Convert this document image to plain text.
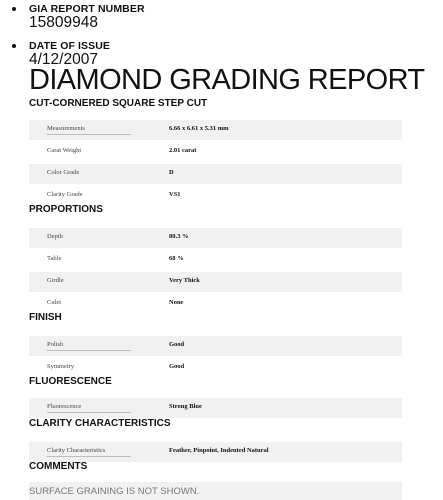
GIA REPORT NUMBER
15809948
DATE OF ISSUE
4/12/2007
DIAMOND GRADING REPORT
CUT-CORNERED SQUARE STEP CUT
Measurements	6.66 x 6.61 x 5.31 mm
Carat Weight	2.01 carat
Color Grade	D
Clarity Grade	VS1
PROPORTIONS
Depth	80.3 %
Table	68 %
Girdle	Very Thick
Culet	None
FINISH
Polish	Good
Symmetry	Good
FLUORESCENCE
Fluorescence	Strong Blue
CLARITY CHARACTERISTICS
Clarity Characteristics	Feather, Pinpoint, Indented Natural
COMMENTS
SURFACE GRAINING IS NOT SHOWN.
